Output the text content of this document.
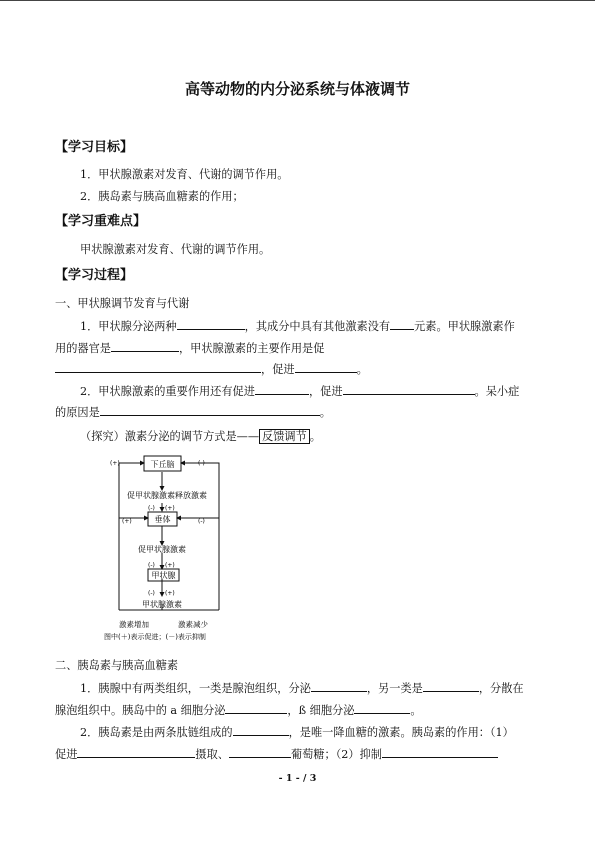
高等动物的内分泌系统与体液调节
【学习目标】
1．甲状腺激素对发育、代谢的调节作用。
2．胰岛素与胰高血糖素的作用；
【学习重难点】
甲状腺激素对发育、代谢的调节作用。
【学习过程】
一、甲状腺调节发育与代谢
1．甲状腺分泌两种	，其成分中具有其他激素没有 元素。甲状腺激素作
用的器官是	，甲状腺激素的主要作用是促
，促进	。
2．甲状腺激素的重要作用还有促进	，促进	。呆小症
的原因是	。
（探究）激素分泌的调节方式是—— 反馈调节 。
下丘脑
(+)	(-)
促甲状腺激素释放激素
(-) (+)
垂体
(+)	(-)
促甲状腺激素
(-) (+)
甲状腺
(-) (+)
甲状腺激素
激素增加	激素减少
图中(＋)表示促进；(－)表示抑制
二、胰岛素与胰高血糖素
1．胰腺中有两类组织，一类是腺泡组织，分泌	，另一类是	，分散在
腺泡组织中。胰岛中的 a 细胞分泌	，ß 细胞分泌	。
2．胰岛素是由两条肽链组成的	，是唯一降血糖的激素。胰岛素的作用：（1）
促进	摄取、	葡萄糖；（2）抑制
- 1 - / 3
